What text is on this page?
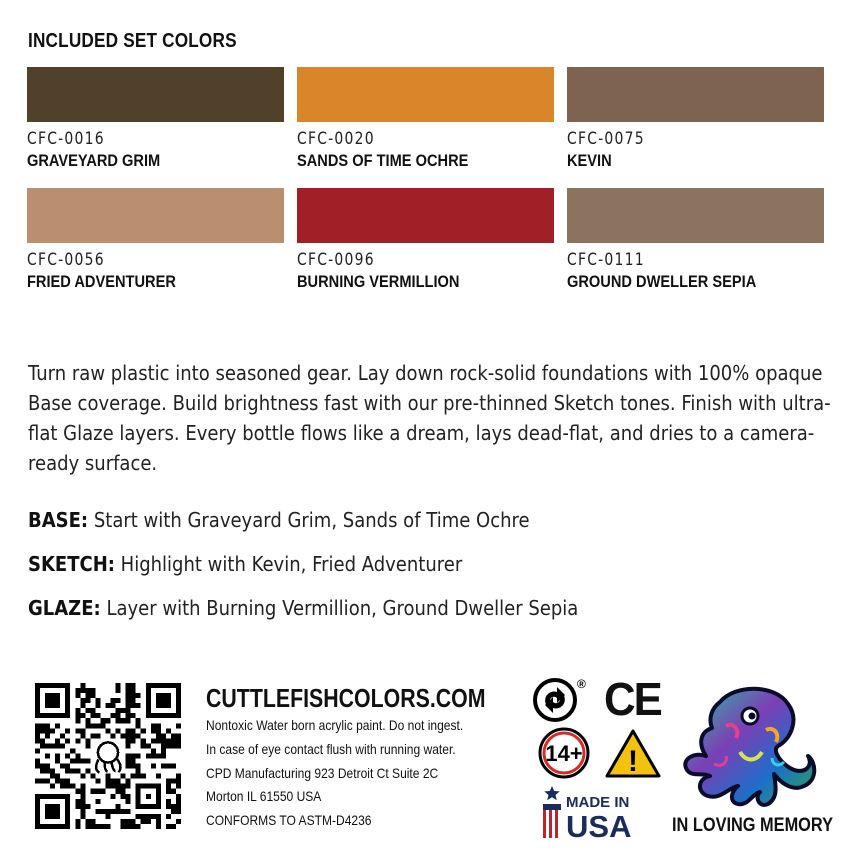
INCLUDED SET COLORS
CFC-0016
GRAVEYARD GRIM
CFC-0020
SANDS OF TIME OCHRE
CFC-0075
KEVIN
CFC-0056
FRIED ADVENTURER
CFC-0096
BURNING VERMILLION
CFC-0111
GROUND DWELLER SEPIA
Turn raw plastic into seasoned gear. Lay down rock-solid foundations with 100% opaque Base coverage. Build brightness fast with our pre-thinned Sketch tones. Finish with ultra-flat Glaze layers. Every bottle flows like a dream, lays dead-flat, and dries to a camera-ready surface.
BASE: Start with Graveyard Grim, Sands of Time Ochre
SKETCH: Highlight with Kevin, Fried Adventurer
GLAZE: Layer with Burning Vermillion, Ground Dweller Sepia
CUTTLEFISHCOLORS.COM
Nontoxic Water born acrylic paint. Do not ingest.
In case of eye contact flush with running water.
CPD Manufacturing 923 Detroit Ct Suite 2C
Morton IL 61550 USA
CONFORMS TO ASTM-D4236
® CE
14+ !
MADE IN
USA IN LOVING MEMORY
